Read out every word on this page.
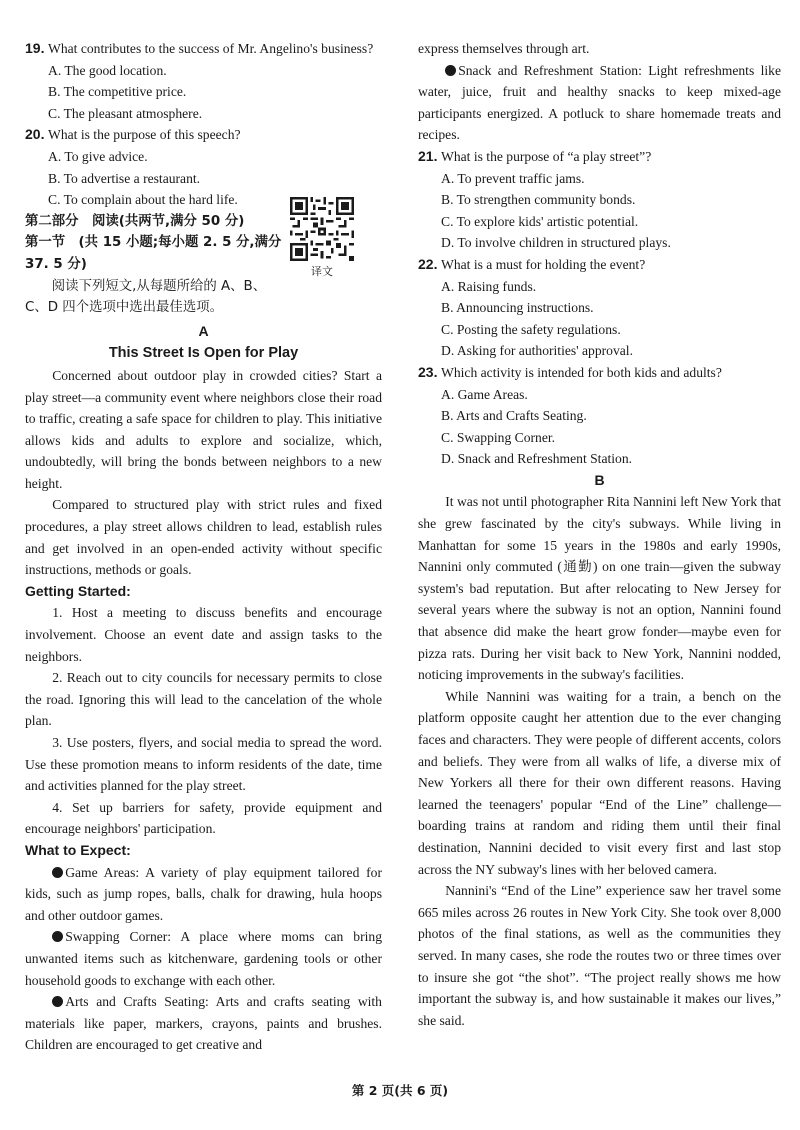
19. What contributes to the success of Mr. Angelino's business?

A. The good location.

B. The competitive price.

C. The pleasant atmosphere.

20. What is the purpose of this speech?

A. To give advice.

B. To advertise a restaurant.

C. To complain about the hard life.

第二部分　阅读(共两节,满分 50 分)

第一节　(共 15 小题;每小题 2. 5 分,满分 37. 5 分)

阅读下列短文,从每题所给的 A、B、C、D 四个选项中选出最佳选项。

A

This Street Is Open for Play

Concerned about outdoor play in crowded cities? Start a play street—a community event where neighbors close their road to traffic, creating a safe space for children to play. This initiative allows kids and adults to explore and socialize, which, undoubtedly, will bring the bonds between neighbors to a new height.

Compared to structured play with strict rules and fixed procedures, a play street allows children to lead, establish rules and get involved in an open-ended activity without specific instructions, methods or goals.

Getting Started:

1. Host a meeting to discuss benefits and encourage involvement. Choose an event date and assign tasks to the neighbors.

2. Reach out to city councils for necessary permits to close the road. Ignoring this will lead to the cancelation of the whole plan.

3. Use posters, flyers, and social media to spread the word. Use these promotion means to inform residents of the date, time and activities planned for the play street.

4. Set up barriers for safety, provide equipment and encourage neighbors' participation.

What to Expect:

Game Areas: A variety of play equipment tailored for kids, such as jump ropes, balls, chalk for drawing, hula hoops and other outdoor games.

Swapping Corner: A place where moms can bring unwanted items such as kitchenware, gardening tools or other household goods to exchange with each other.

Arts and Crafts Seating: Arts and crafts seating with materials like paper, markers, crayons, paints and brushes. Children are encouraged to get creative and

译文

express themselves through art.

Snack and Refreshment Station: Light refreshments like water, juice, fruit and healthy snacks to keep mixed-age participants energized. A potluck to share homemade treats and recipes.

21. What is the purpose of “a play street”?

A. To prevent traffic jams.

B. To strengthen community bonds.

C. To explore kids' artistic potential.

D. To involve children in structured plays.

22. What is a must for holding the event?

A. Raising funds.

B. Announcing instructions.

C. Posting the safety regulations.

D. Asking for authorities' approval.

23. Which activity is intended for both kids and adults?

A. Game Areas.

B. Arts and Crafts Seating.

C. Swapping Corner.

D. Snack and Refreshment Station.

B

It was not until photographer Rita Nannini left New York that she grew fascinated by the city's subways. While living in Manhattan for some 15 years in the 1980s and early 1990s, Nannini only commuted (通勤) on one train—given the subway system's bad reputation. But after relocating to New Jersey for several years where the subway is not an option, Nannini found that absence did make the heart grow fonder—maybe even for pizza rats. During her visit back to New York, Nannini nodded, noticing improvements in the subway's facilities.

While Nannini was waiting for a train, a bench on the platform opposite caught her attention due to the ever changing faces and characters. They were people of different accents, colors and beliefs. They were from all walks of life, a diverse mix of New Yorkers all there for their own different reasons. Having learned the teenagers' popular “End of the Line” challenge—boarding trains at random and riding them until their final destination, Nannini decided to visit every first and last stop across the NY subway's lines with her beloved camera.

Nannini's “End of the Line” experience saw her travel some 665 miles across 26 routes in New York City. She took over 8,000 photos of the final stations, as well as the communities they served. In many cases, she rode the routes two or three times over to insure she got “the shot”. “The project really shows me how important the subway is, and how sustainable it makes our lives,” she said.

第 2 页(共 6 页)
